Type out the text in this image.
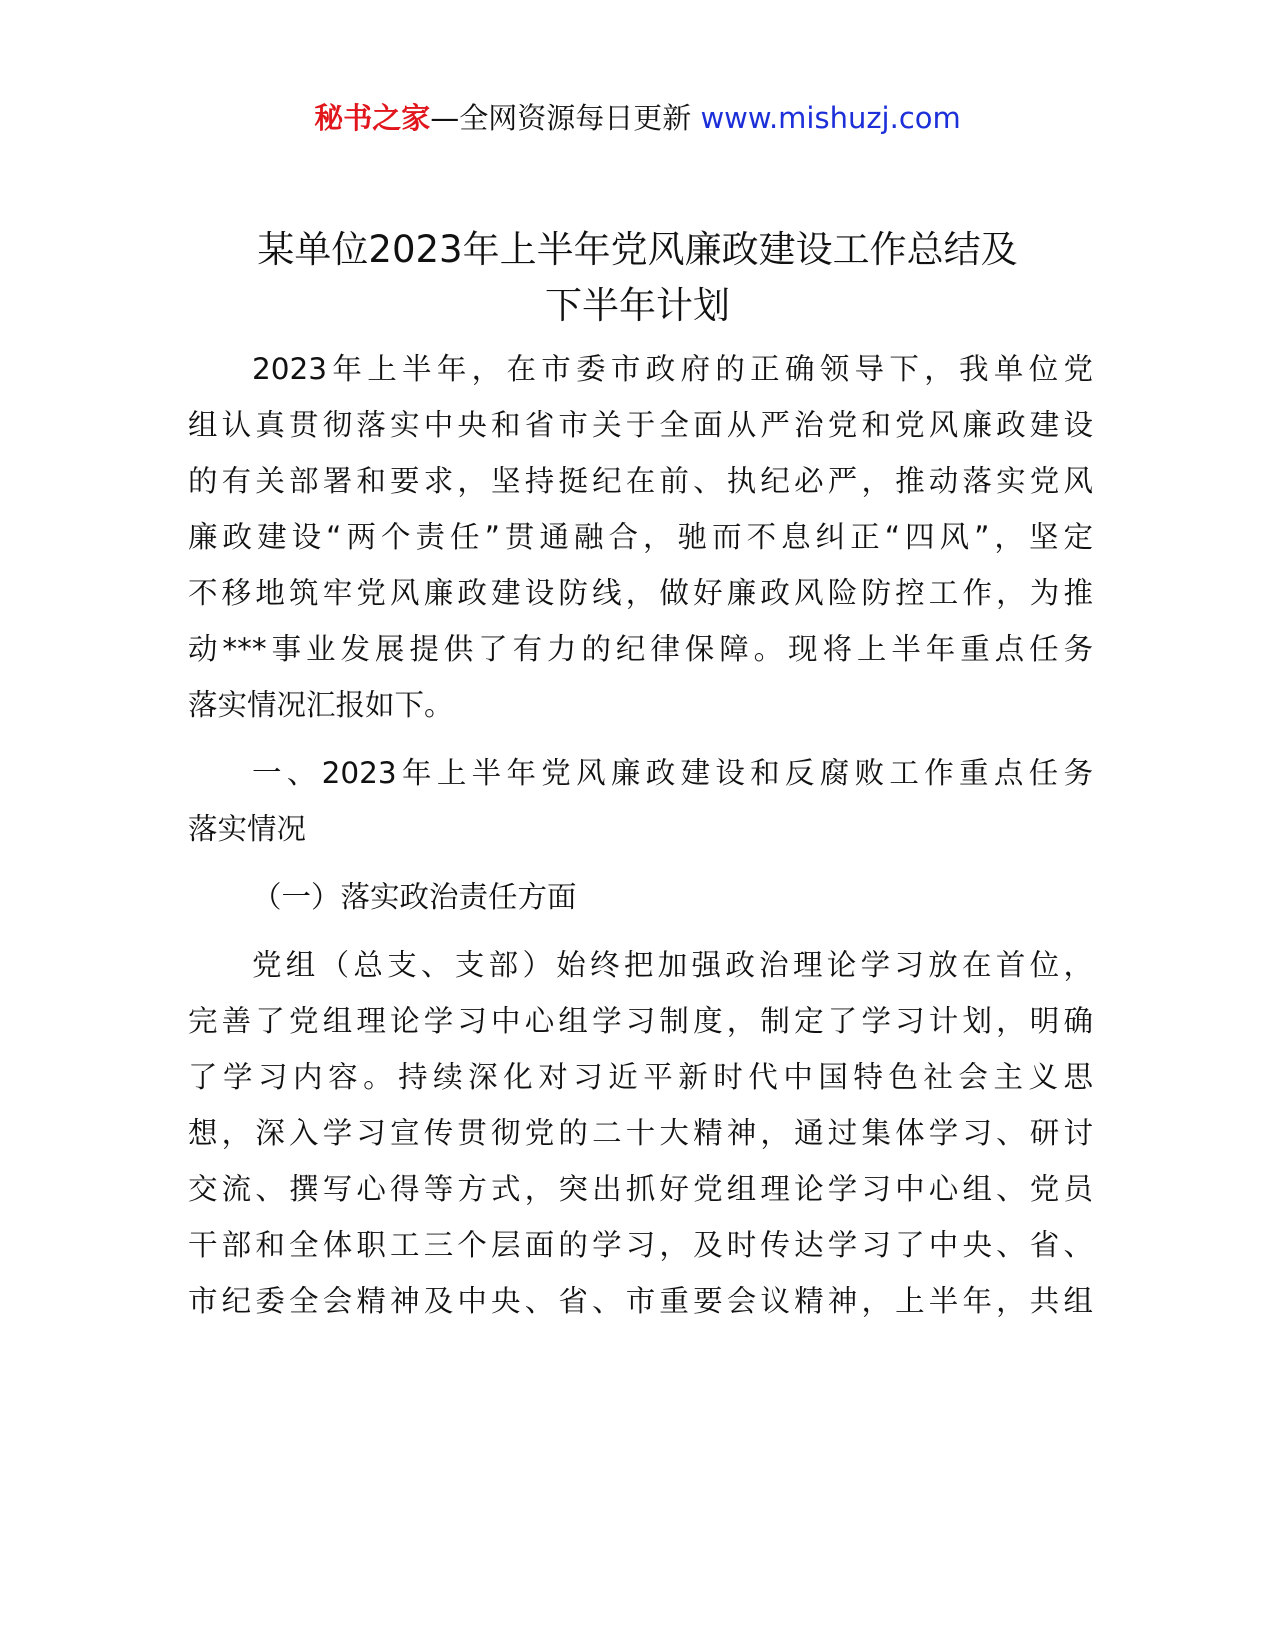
秘书之家—全网资源每日更新 www.mishuzj.com
某单位2023年上半年党风廉政建设工作总结及
下半年计划
2023年上半年，在市委市政府的正确领导下，我单位党
组认真贯彻落实中央和省市关于全面从严治党和党风廉政建设
的有关部署和要求，坚持挺纪在前、执纪必严，推动落实党风
廉政建设“两个责任”贯通融合，驰而不息纠正“四风”，坚定
不移地筑牢党风廉政建设防线，做好廉政风险防控工作，为推
动***事业发展提供了有力的纪律保障。现将上半年重点任务
落实情况汇报如下。
一、2023年上半年党风廉政建设和反腐败工作重点任务
落实情况
（一）落实政治责任方面
党组（总支、支部）始终把加强政治理论学习放在首位，
完善了党组理论学习中心组学习制度，制定了学习计划，明确
了学习内容。持续深化对习近平新时代中国特色社会主义思
想，深入学习宣传贯彻党的二十大精神，通过集体学习、研讨
交流、撰写心得等方式，突出抓好党组理论学习中心组、党员
干部和全体职工三个层面的学习，及时传达学习了中央、省、
市纪委全会精神及中央、省、市重要会议精神，上半年，共组
